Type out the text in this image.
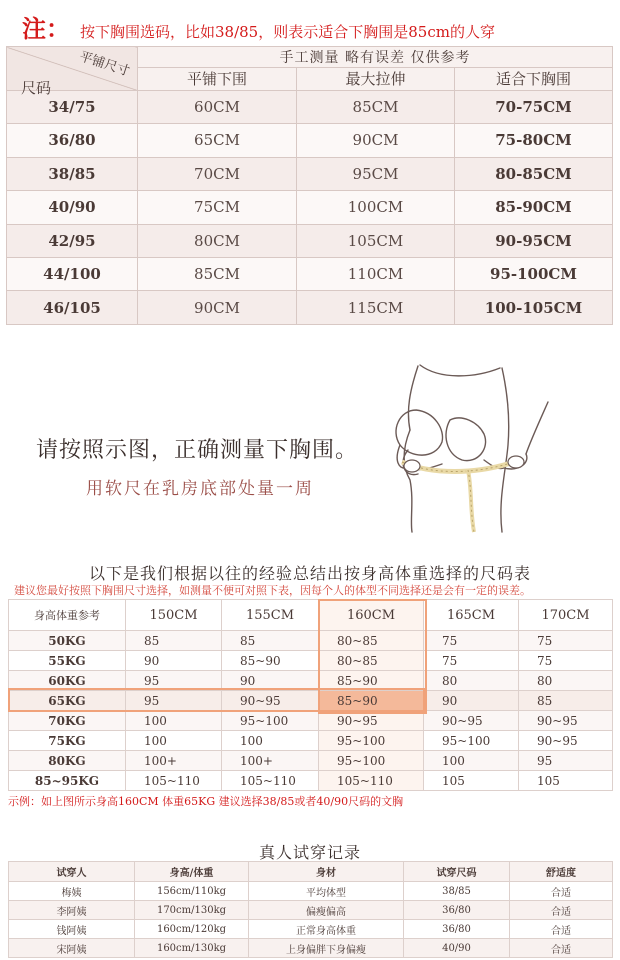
注： 按下胸围选码，比如38/85，则表示适合下胸围是85cm的人穿
平铺尺寸
尺码	手工测量 略有误差 仅供参考		
	平铺下围	最大拉伸	适合下胸围
34/75	60CM	85CM	70-75CM
36/80	65CM	90CM	75-80CM
38/85	70CM	95CM	80-85CM
40/90	75CM	100CM	85-90CM
42/95	80CM	105CM	90-95CM
44/100	85CM	110CM	95-100CM
46/105	90CM	115CM	100-105CM
请按照示图，正确测量下胸围。
用软尺在乳房底部处量一周
以下是我们根据以往的经验总结出按身高体重选择的尺码表
建议您最好按照下胸围尺寸选择，如测量不便可对照下表，因每个人的体型不同选择还是会有一定的误差。
身高体重参考	150CM	155CM	160CM	165CM	170CM
50KG	85	85	80~85	75	75
55KG	90	85~90	80~85	75	75
60KG	95	90	85~90	80	80
65KG	95	90~95	85~90	90	85
70KG	100	95~100	90~95	90~95	90~95
75KG	100	100	95~100	95~100	90~95
80KG	100+	100+	95~100	100	95
85~95KG	105~110	105~110	105~110	105	105
示例：如上图所示身高160CM 体重65KG 建议选择38/85或者40/90尺码的文胸
真人试穿记录
试穿人	身高/体重	身材	试穿尺码	舒适度
梅姨	156cm/110kg	平均体型	38/85	合适
李阿姨	170cm/130kg	偏瘦偏高	36/80	合适
钱阿姨	160cm/120kg	正常身高体重	36/80	合适
宋阿姨	160cm/130kg	上身偏胖下身偏瘦	40/90	合适
